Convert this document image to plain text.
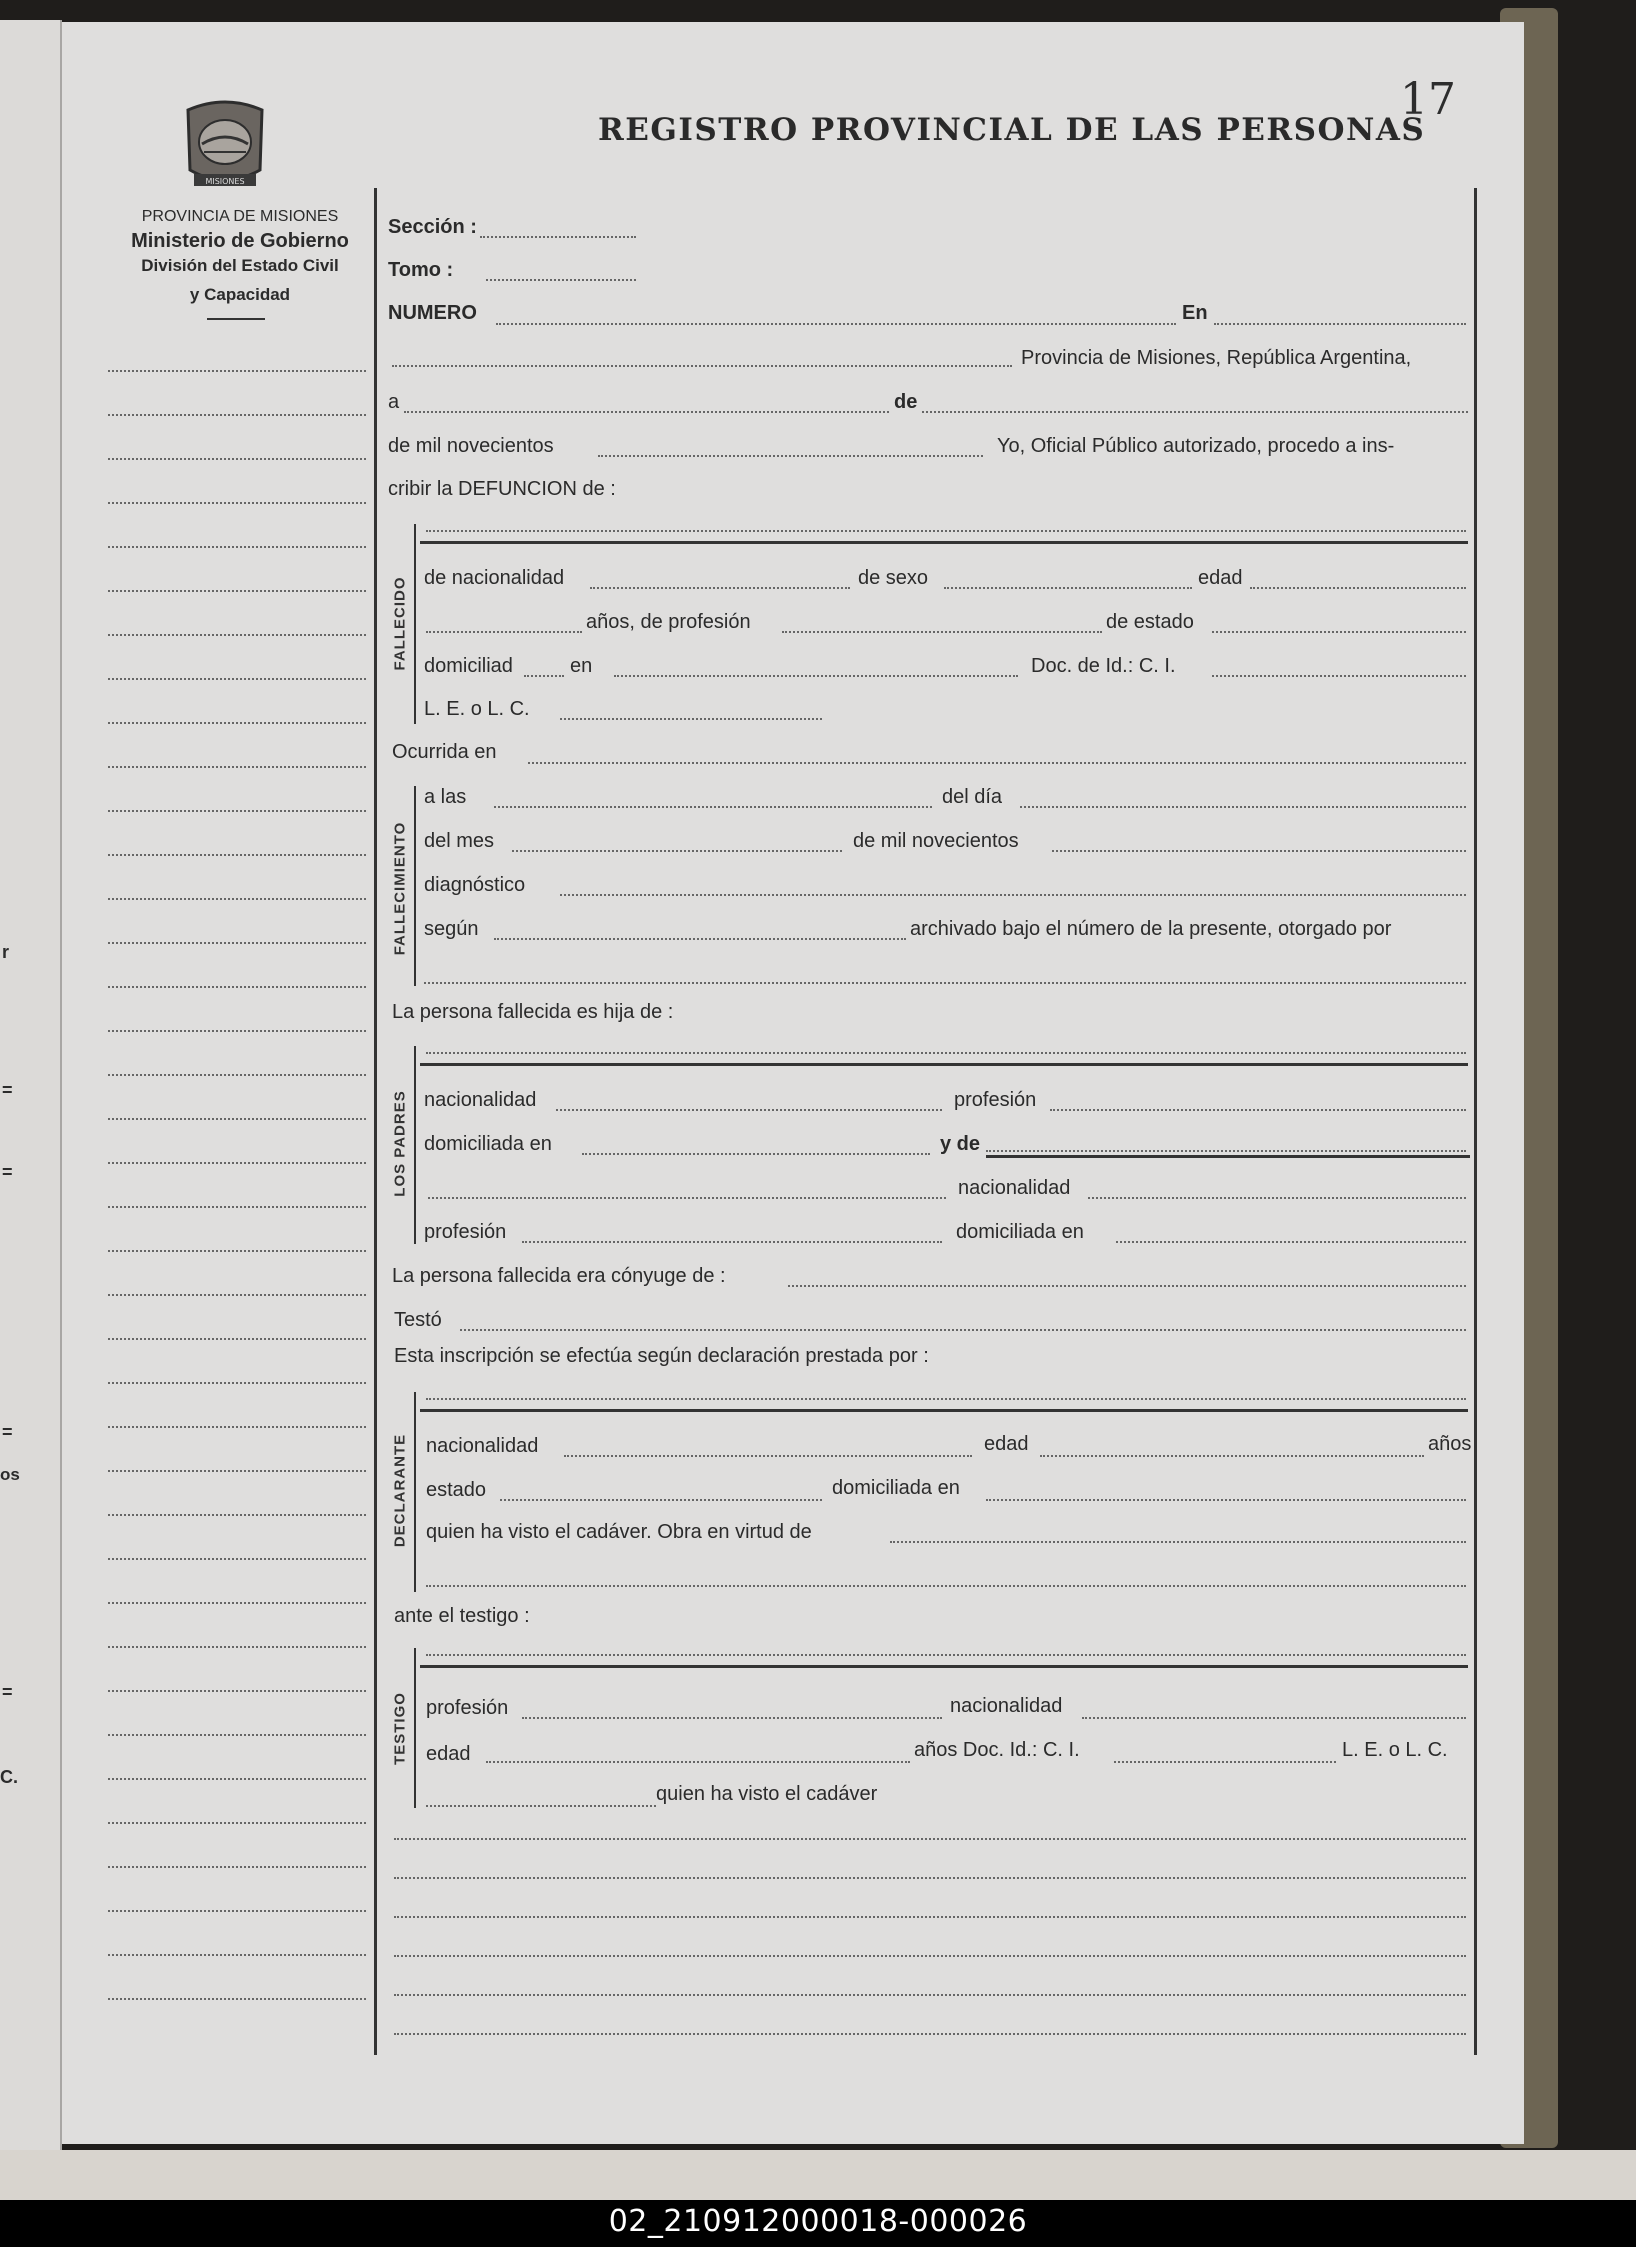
r
=
=
=
os
=
C.
MISIONES
PROVINCIA DE MISIONES
Ministerio de Gobierno
División del Estado Civil
y Capacidad
REGISTRO PROVINCIAL DE LAS PERSONAS
17
Sección :
Tomo :
NUMERO	En
Provincia de Misiones, República Argentina,
a	de
de mil novecientos	Yo, Oficial Público autorizado, procedo a ins-
cribir la DEFUNCION de :
FALLECIDO de nacionalidad	de sexo	edad
años, de profesión	de estado
domiciliad	en	Doc. de Id.: C. I.
L. E. o L. C.
Ocurrida en
FALLECIMIENTO
a las	del día
del mes	de mil novecientos
diagnóstico
según	archivado bajo el número de la presente, otorgado por
La persona fallecida es hija de :
LOS PADRES nacionalidad	profesión
domiciliada en	y de
nacionalidad
profesión	domiciliada en
La persona fallecida era cónyuge de :
Testó
Esta inscripción se efectúa según declaración prestada por :
DECLARANTE nacionalidad	edad	años
estado	domiciliada en
quien ha visto el cadáver. Obra en virtud de
ante el testigo :
TESTIGO profesión	nacionalidad
edad	años Doc. Id.: C. I.	L. E. o L. C.
quien ha visto el cadáver
02_210912000018-000026
